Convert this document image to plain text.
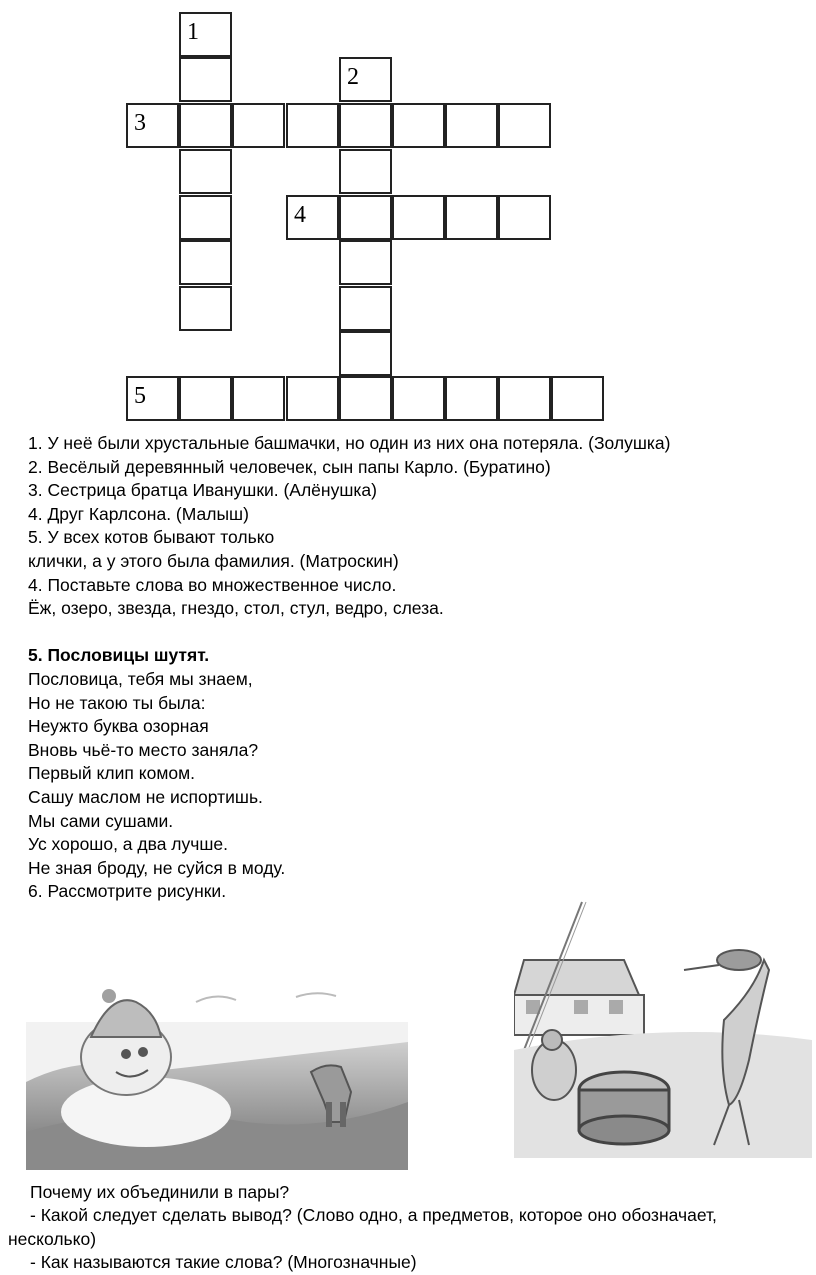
1
2
3
4
5
1. У неё были хрустальные башмачки, но один из них она потеряла. (Золушка)
2. Весёлый деревянный человечек, сын папы Карло. (Буратино)
3. Сестрица братца Иванушки. (Алёнушка)
4. Друг Карлсона. (Малыш)
5. У всех котов бывают только
клички, а у этого была фамилия. (Матроскин)
4. Поставьте слова во множественное число.
Ёж, озеро, звезда, гнездо, стол, стул, ведро, слеза.
5. Пословицы шутят.
Пословица, тебя мы знаем,
Но не такою ты была:
Неужто буква озорная
Вновь чьё-то место заняла?
Первый клип комом.
Сашу маслом не испортишь.
Мы сами сушами.
Ус хорошо, а два лучше.
Не зная броду, не суйся в моду.
6. Рассмотрите рисунки.
Почему их объединили в пары?
- Какой следует сделать вывод? (Слово одно, а предметов, которое оно обозначает,
несколько)
- Как называются такие слова? (Многозначные)
